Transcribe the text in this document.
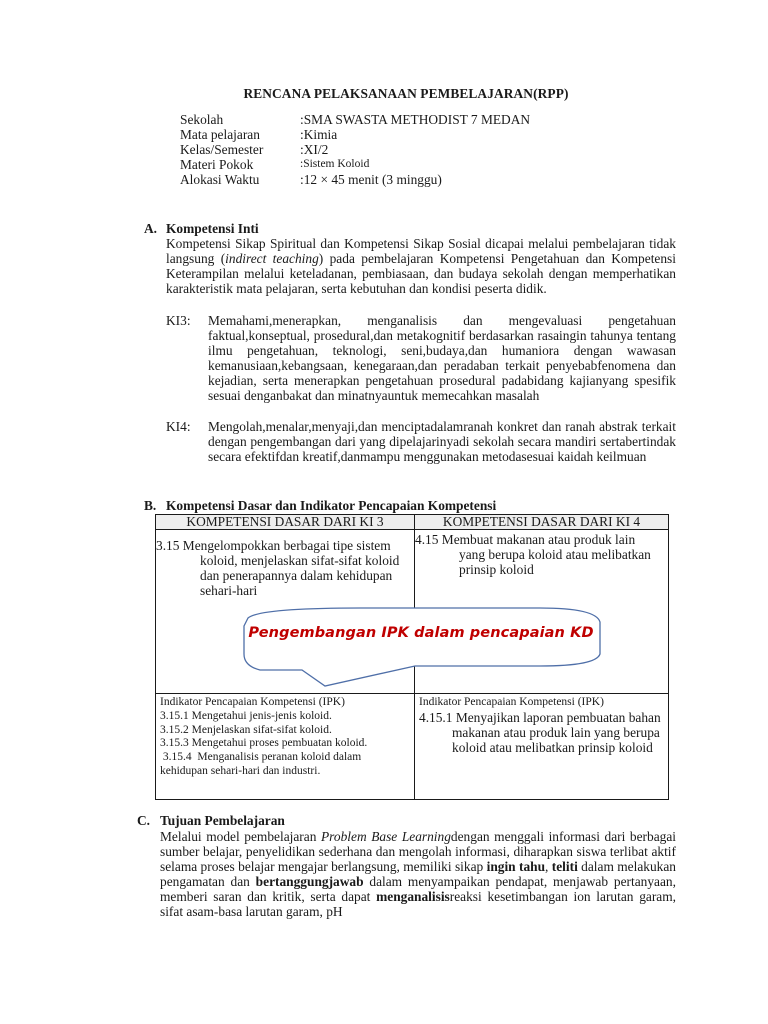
RENCANA PELAKSANAAN PEMBELAJARAN(RPP)
Sekolah	:SMA SWASTA METHODIST 7 MEDAN
Mata pelajaran	:Kimia
Kelas/Semester	:XI/2
Materi Pokok	:Sistem Koloid
Alokasi Waktu	:12 × 45 menit (3 minggu)
A. Kompetensi Inti
Kompetensi Sikap Spiritual dan Kompetensi Sikap Sosial dicapai melalui pembelajaran tidak langsung (indirect teaching) pada pembelajaran Kompetensi Pengetahuan dan Kompetensi Keterampilan melalui keteladanan, pembiasaan, dan budaya sekolah dengan memperhatikan karakteristik mata pelajaran, serta kebutuhan dan kondisi peserta didik.
KI3:	Memahami,menerapkan, menganalisis dan mengevaluasi pengetahuan faktual,konseptual, prosedural,dan metakognitif berdasarkan rasaingin tahunya tentang ilmu pengetahuan, teknologi, seni,budaya,dan humaniora dengan wawasan kemanusiaan,kebangsaan, kenegaraan,dan peradaban terkait penyebabfenomena dan kejadian, serta menerapkan pengetahuan prosedural padabidang kajianyang spesifik sesuai denganbakat dan minatnyauntuk memecahkan masalah
KI4:	Mengolah,menalar,menyaji,dan menciptadalamranah konkret dan ranah abstrak terkait dengan pengembangan dari yang dipelajarinyadi sekolah secara mandiri sertabertindak secara efektifdan kreatif,danmampu menggunakan metodasesuai kaidah keilmuan
B. Kompetensi Dasar dan Indikator Pencapaian Kompetensi
KOMPETENSI DASAR DARI KI 3	KOMPETENSI DASAR DARI KI 4

3.15 Mengelompokkan berbagai tipe sistem koloid, menjelaskan sifat-sifat koloid dan penerapannya dalam kehidupan sehari-hari	4.15 Membuat makanan atau produk lain yang berupa koloid atau melibatkan prinsip koloid

Indikator Pencapaian Kompetensi (IPK)
3.15.1 Mengetahui jenis-jenis koloid.
3.15.2 Menjelaskan sifat-sifat koloid.
3.15.3 Mengetahui proses pembuatan koloid.
3.15.4  Menganalisis peranan koloid dalam kehidupan sehari-hari dan industri.

Indikator Pencapaian Kompetensi (IPK)
4.15.1 Menyajikan laporan pembuatan bahan makanan atau produk lain yang berupa koloid atau melibatkan prinsip koloid
Pengembangan IPK dalam pencapaian KD
C. Tujuan Pembelajaran
Melalui model pembelajaran Problem Base Learningdengan menggali informasi dari berbagai sumber belajar, penyelidikan sederhana dan mengolah informasi, diharapkan siswa terlibat aktif selama proses belajar mengajar berlangsung, memiliki sikap ingin tahu, teliti dalam melakukan pengamatan dan bertanggungjawab dalam menyampaikan pendapat, menjawab pertanyaan, memberi saran dan kritik, serta dapat menganalisisreaksi kesetimbangan ion larutan garam, sifat asam-basa larutan garam, pH
